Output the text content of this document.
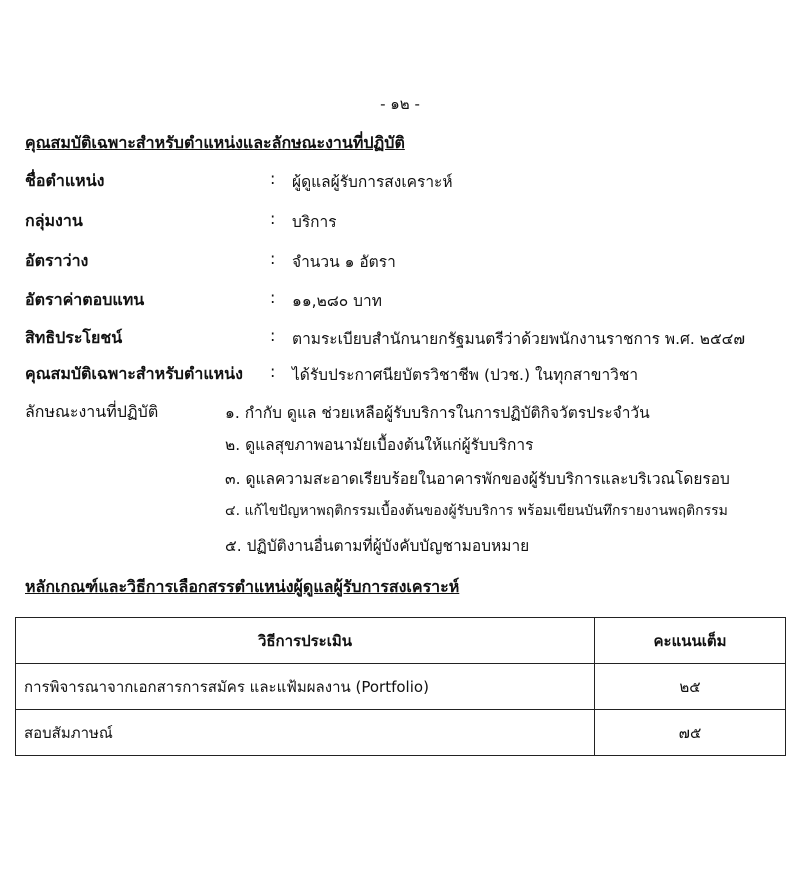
- ๑๒ -
คุณสมบัติเฉพาะสำหรับตำแหน่งและลักษณะงานที่ปฏิบัติ
ชื่อตำแหน่ง	: ผู้ดูแลผู้รับการสงเคราะห์
กลุ่มงาน	: บริการ
อัตราว่าง	: จำนวน ๑ อัตรา
อัตราค่าตอบแทน	: ๑๑,๒๘๐ บาท
สิทธิประโยชน์	: ตามระเบียบสำนักนายกรัฐมนตรีว่าด้วยพนักงานราชการ พ.ศ. ๒๕๔๗
คุณสมบัติเฉพาะสำหรับตำแหน่ง : ได้รับประกาศนียบัตรวิชาชีพ (ปวช.) ในทุกสาขาวิชา
ลักษณะงานที่ปฏิบัติ	๑. กำกับ ดูแล ช่วยเหลือผู้รับบริการในการปฏิบัติกิจวัตรประจำวัน
๒. ดูแลสุขภาพอนามัยเบื้องต้นให้แก่ผู้รับบริการ
๓. ดูแลความสะอาดเรียบร้อยในอาคารพักของผู้รับบริการและบริเวณโดยรอบ
๔. แก้ไขปัญหาพฤติกรรมเบื้องต้นของผู้รับบริการ พร้อมเขียนบันทึกรายงานพฤติกรรม
๕. ปฏิบัติงานอื่นตามที่ผู้บังคับบัญชามอบหมาย
หลักเกณฑ์และวิธีการเลือกสรรตำแหน่งผู้ดูแลผู้รับการสงเคราะห์
วิธีการประเมิน	คะแนนเต็ม
การพิจารณาจากเอกสารการสมัคร และแฟ้มผลงาน (Portfolio)	๒๕
สอบสัมภาษณ์	๗๕
